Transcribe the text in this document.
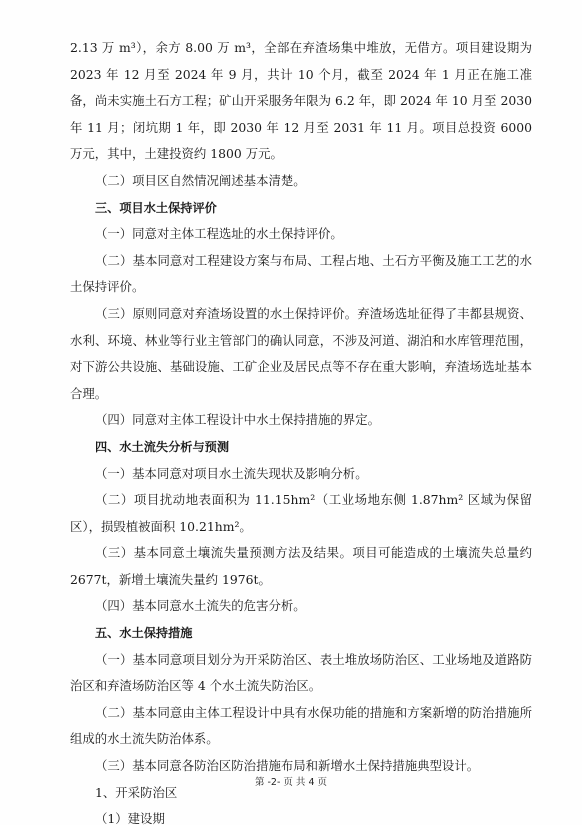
2.13 万 m³），余方 8.00 万 m³，全部在弃渣场集中堆放，无借方。项目建设期为 2023 年 12 月至 2024 年 9 月，共计 10 个月，截至 2024 年 1 月正在施工准备，尚未实施土石方工程；矿山开采服务年限为 6.2 年，即 2024 年 10 月至 2030 年 11 月；闭坑期 1 年，即 2030 年 12 月至 2031 年 11 月。项目总投资 6000 万元，其中，土建投资约 1800 万元。

（二）项目区自然情况阐述基本清楚。

三、项目水土保持评价

（一）同意对主体工程选址的水土保持评价。

（二）基本同意对工程建设方案与布局、工程占地、土石方平衡及施工工艺的水土保持评价。

（三）原则同意对弃渣场设置的水土保持评价。弃渣场选址征得了丰都县规资、水利、环境、林业等行业主管部门的确认同意，不涉及河道、湖泊和水库管理范围，对下游公共设施、基础设施、工矿企业及居民点等不存在重大影响，弃渣场选址基本合理。

（四）同意对主体工程设计中水土保持措施的界定。

四、水土流失分析与预测

（一）基本同意对项目水土流失现状及影响分析。

（二）项目扰动地表面积为 11.15hm²（工业场地东侧 1.87hm² 区域为保留区），损毁植被面积 10.21hm²。

（三）基本同意土壤流失量预测方法及结果。项目可能造成的土壤流失总量约 2677t，新增土壤流失量约 1976t。

（四）基本同意水土流失的危害分析。

五、水土保持措施

（一）基本同意项目划分为开采防治区、表土堆放场防治区、工业场地及道路防治区和弃渣场防治区等 4 个水土流失防治区。

（二）基本同意由主体工程设计中具有水保功能的措施和方案新增的防治措施所组成的水土流失防治体系。

（三）基本同意各防治区防治措施布局和新增水土保持措施典型设计。

1、开采防治区

（1）建设期

第 -2- 页 共 4 页
